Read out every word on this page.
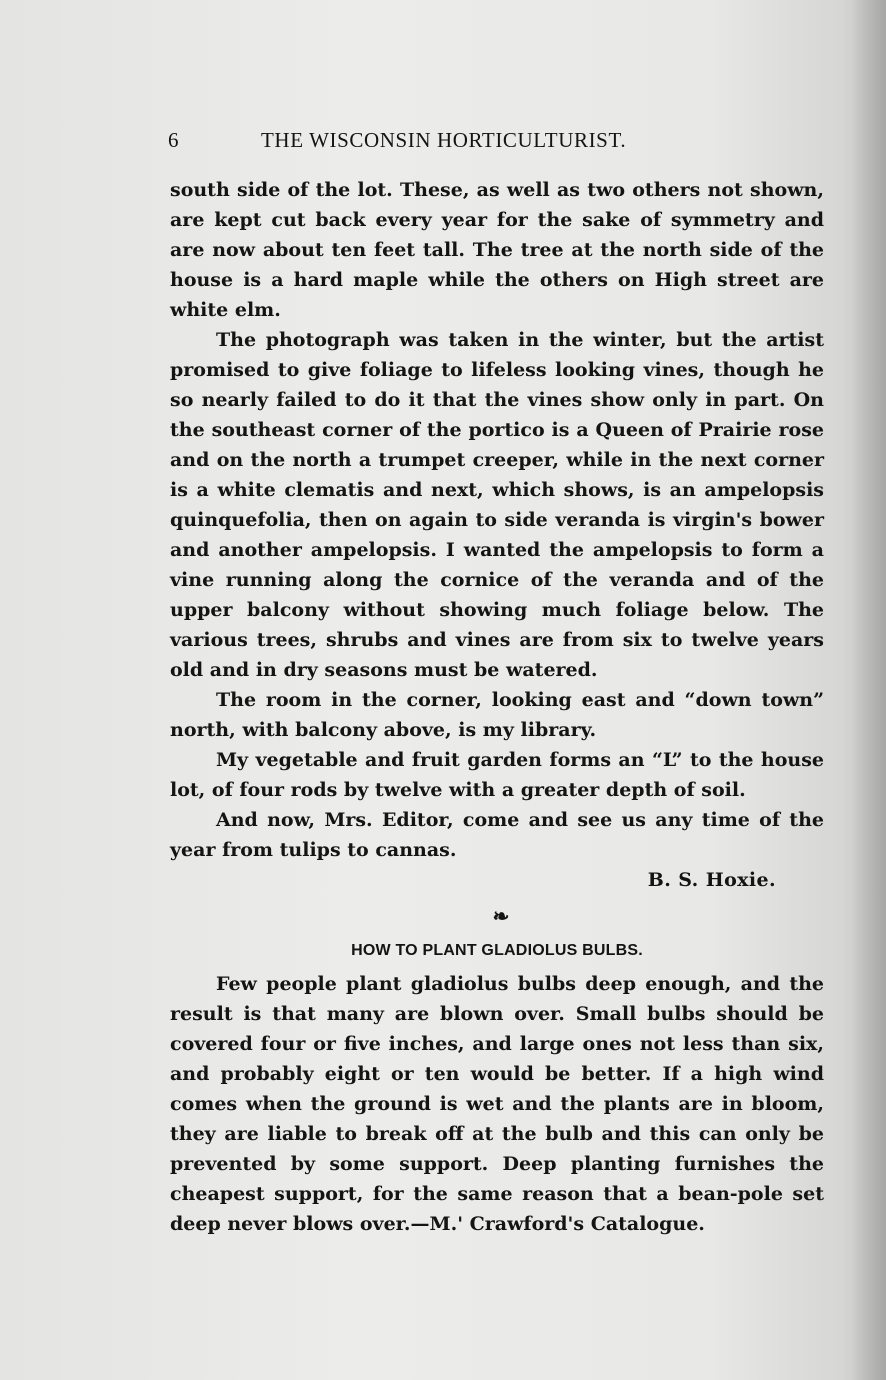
6	THE WISCONSIN HORTICULTURIST.

south side of the lot. These, as well as two others not shown, are kept cut back every year for the sake of symmetry and are now about ten feet tall. The tree at the north side of the house is a hard maple while the others on High street are white elm.

The photograph was taken in the winter, but the artist promised to give foliage to lifeless looking vines, though he so nearly failed to do it that the vines show only in part. On the southeast corner of the portico is a Queen of Prairie rose and on the north a trumpet creeper, while in the next corner is a white clematis and next, which shows, is an ampelopsis quinquefolia, then on again to side veranda is virgin's bower and another ampelopsis. I wanted the ampelopsis to form a vine running along the cornice of the veranda and of the upper balcony without showing much foliage below. The various trees, shrubs and vines are from six to twelve years old and in dry seasons must be watered.

The room in the corner, looking east and “down town” north, with balcony above, is my library.

My vegetable and fruit garden forms an “L” to the house lot, of four rods by twelve with a greater depth of soil.

And now, Mrs. Editor, come and see us any time of the year from tulips to cannas.

B. S. Hoxie.
❧
HOW TO PLANT GLADIOLUS BULBS.

Few people plant gladiolus bulbs deep enough, and the result is that many are blown over. Small bulbs should be covered four or five inches, and large ones not less than six, and probably eight or ten would be better. If a high wind comes when the ground is wet and the plants are in bloom, they are liable to break off at the bulb and this can only be prevented by some support. Deep planting furnishes the cheapest support, for the same reason that a bean-pole set deep never blows over.—M.' Crawford's Catalogue.
